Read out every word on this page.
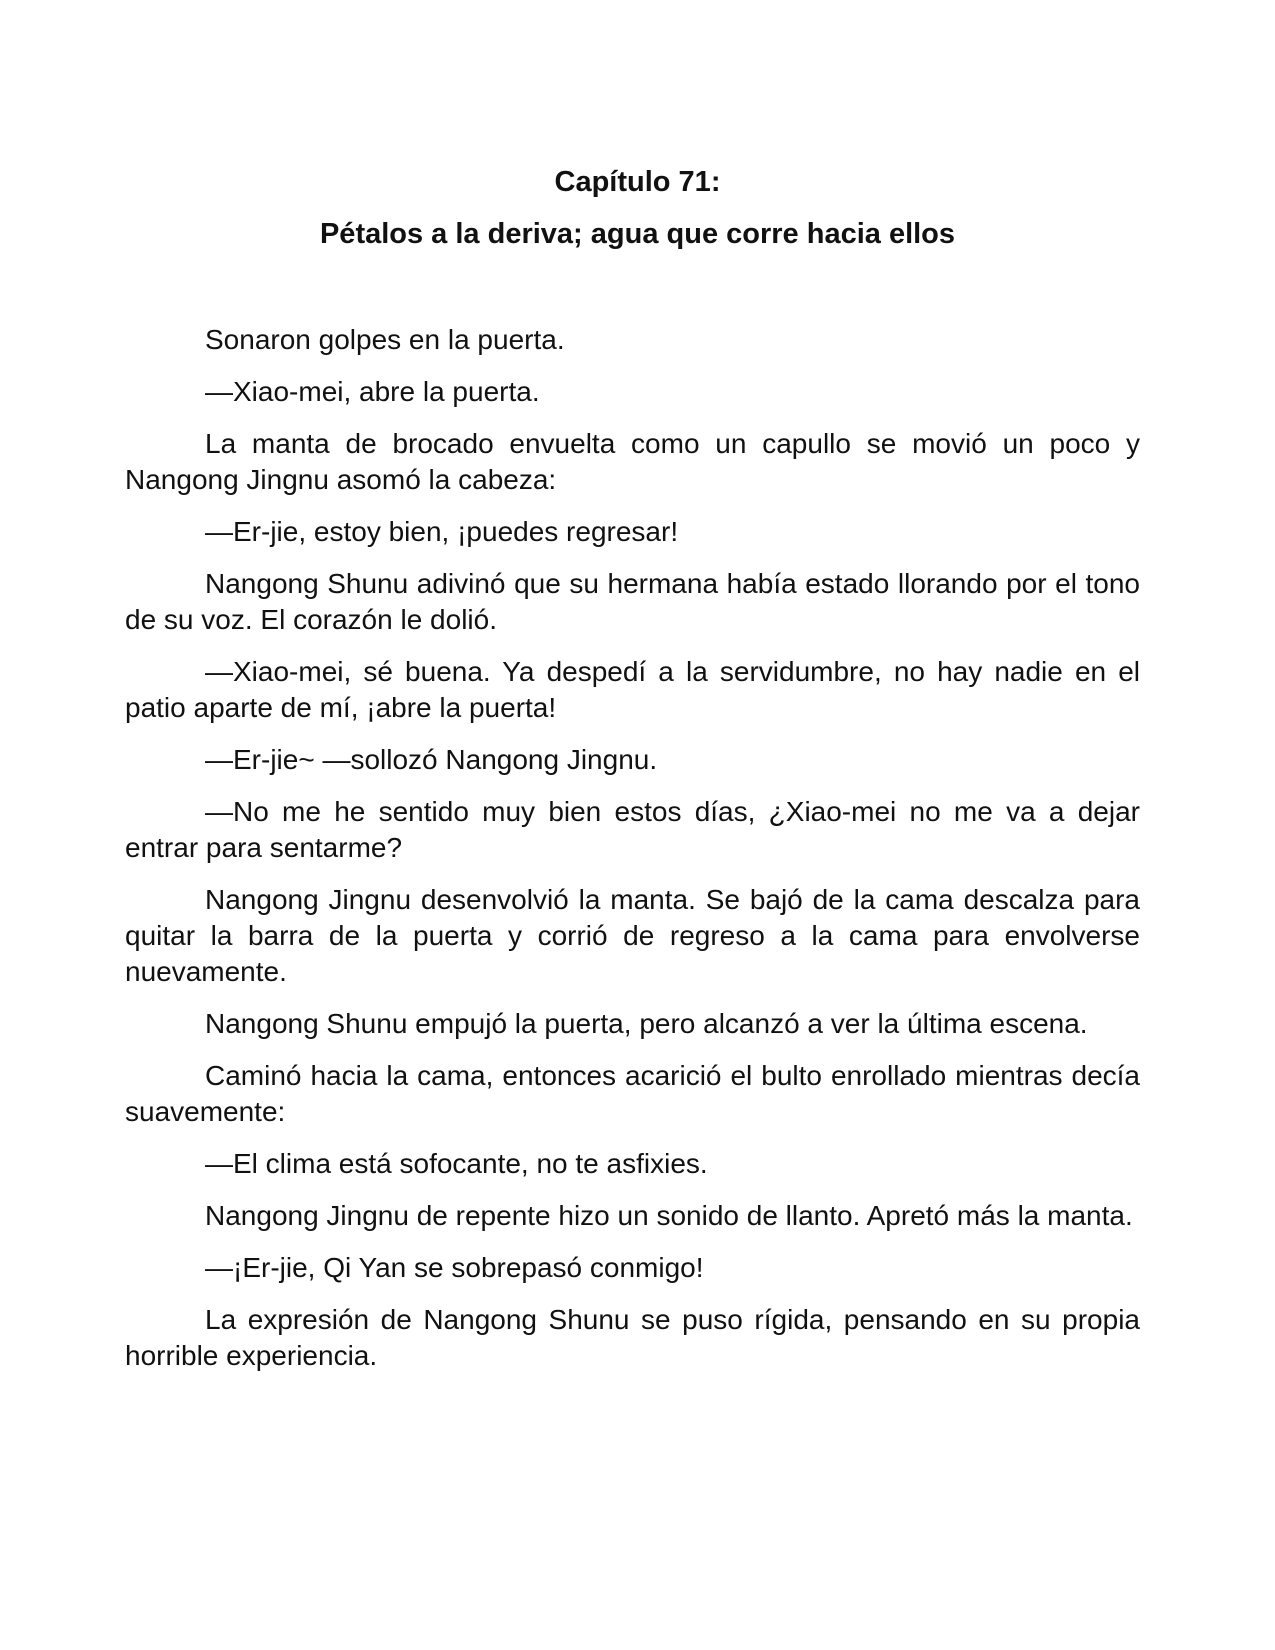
Capítulo 71:
Pétalos a la deriva; agua que corre hacia ellos

Sonaron golpes en la puerta.

—Xiao-mei, abre la puerta.

La manta de brocado envuelta como un capullo se movió un poco y Nangong Jingnu asomó la cabeza:

—Er-jie, estoy bien, ¡puedes regresar!

Nangong Shunu adivinó que su hermana había estado llorando por el tono de su voz. El corazón le dolió.

—Xiao-mei, sé buena. Ya despedí a la servidumbre, no hay nadie en el patio aparte de mí, ¡abre la puerta!

—Er-jie~ —sollozó Nangong Jingnu.

—No me he sentido muy bien estos días, ¿Xiao-mei no me va a dejar entrar para sentarme?

Nangong Jingnu desenvolvió la manta. Se bajó de la cama descalza para quitar la barra de la puerta y corrió de regreso a la cama para envolverse nuevamente.

Nangong Shunu empujó la puerta, pero alcanzó a ver la última escena.

Caminó hacia la cama, entonces acarició el bulto enrollado mientras decía suavemente:

—El clima está sofocante, no te asfixies.

Nangong Jingnu de repente hizo un sonido de llanto. Apretó más la manta.

—¡Er-jie, Qi Yan se sobrepasó conmigo!

La expresión de Nangong Shunu se puso rígida, pensando en su propia horrible experiencia.
